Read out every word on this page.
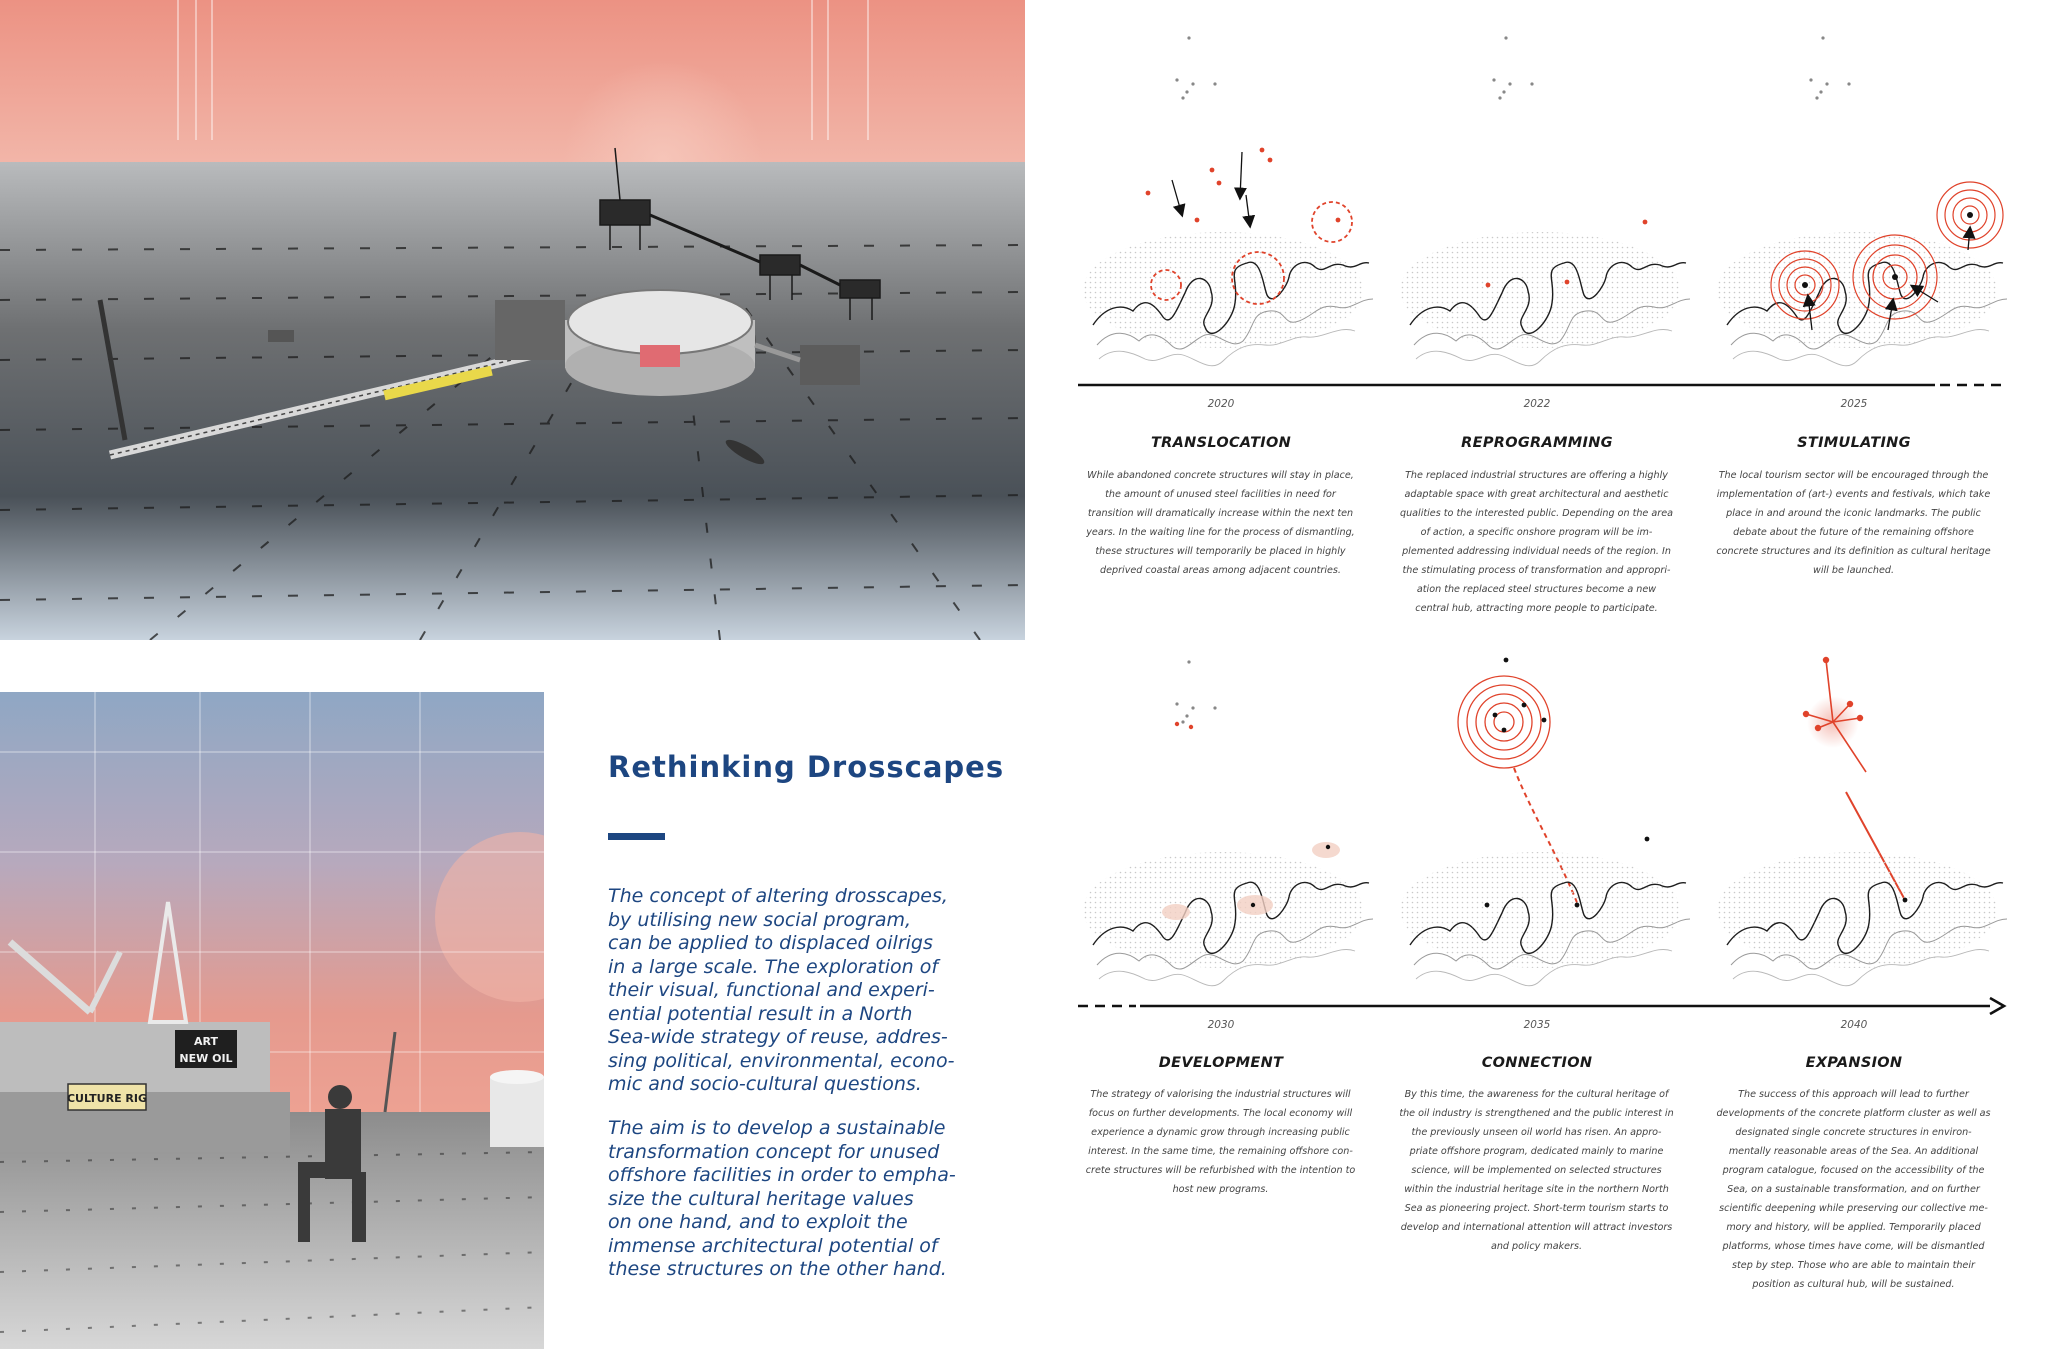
CULTURE RIG
ART
NEW OIL
Rethinking Drosscapes

The concept of altering drosscapes,
by utilising new social program,
can be applied to displaced oilrigs
in a large scale. The exploration of
their visual, functional and experi-
ential potential result in a North
Sea-wide strategy of reuse, addres-
sing political, environmental, econo-
mic and socio-cultural questions.

The aim is to develop a sustainable
transformation concept for unused
offshore facilities in order to empha-
size the cultural heritage values
on one hand, and to exploit the
immense architectural potential of
these structures on the other hand.

2020	2022	2025
TRANSLOCATION	REPROGRAMMING	STIMULATING

While abandoned concrete structures will stay in place, the amount of unused steel facilities in need for transition will dramatically increase within the next ten years. In the waiting line for the process of dismantling, these structures will temporarily be placed in highly deprived coastal areas among adjacent countries.

The replaced industrial structures are offering a highly adaptable space with great architectural and aesthetic qualities to the interested public. Depending on the area of action, a specific onshore program will be im-plemented addressing individual needs of the region. In the stimulating process of transformation and appropri-ation the replaced steel structures become a new central hub, attracting more people to participate.

The local tourism sector will be encouraged through the implementation of (art-) events and festivals, which take place in and around the iconic landmarks. The public debate about the future of the remaining offshore concrete structures and its definition as cultural heritage will be launched.

2030	2035	2040
DEVELOPMENT	CONNECTION	EXPANSION

The strategy of valorising the industrial structures will focus on further developments. The local economy will experience a dynamic grow through increasing public interest. In the same time, the remaining offshore con-crete structures will be refurbished with the intention to host new programs.

By this time, the awareness for the cultural heritage of the oil industry is strengthened and the public interest in the previously unseen oil world has risen. An appro-priate offshore program, dedicated mainly to marine science, will be implemented on selected structures within the industrial heritage site in the northern North Sea as pioneering project. Short-term tourism starts to develop and international attention will attract investors and policy makers.

The success of this approach will lead to further developments of the concrete platform cluster as well as designated single concrete structures in environ-mentally reasonable areas of the Sea. An additional program catalogue, focused on the accessibility of the Sea, on a sustainable transformation, and on further scientific deepening while preserving our collective me-mory and history, will be applied. Temporarily placed platforms, whose times have come, will be dismantled step by step. Those who are able to maintain their position as cultural hub, will be sustained.
